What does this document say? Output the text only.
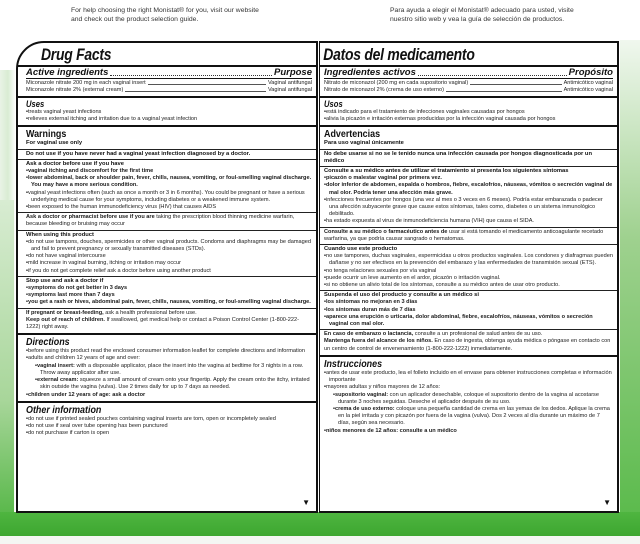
For help choosing the right Monistat® for you, visit our website and check out the product selection guide.
Para ayuda a elegir el Monistat® adecuado para usted, visite nuestro sitio web y vea la guía de selección de productos.
Drug Facts
Active ingredients	Purpose
Miconazole nitrate 200 mg in each vaginal insert	Vaginal antifungal
Miconazole nitrate 2% (external cream)	Vaginal antifungal
Uses
• treats vaginal yeast infections
• relieves external itching and irritation due to a vaginal yeast infection
Warnings
For vaginal use only
Do not use if you have never had a vaginal yeast infection diagnosed by a doctor.
Ask a doctor before use if you have
• vaginal itching and discomfort for the first time
• lower abdominal, back or shoulder pain, fever, chills, nausea, vomiting, or foul-smelling vaginal discharge. You may have a more serious condition.
• vaginal yeast infections often (such as once a month or 3 in 6 months). You could be pregnant or have a serious underlying medical cause for your symptoms, including diabetes or a weakened immune system.
• been exposed to the human immunodeficiency virus (HIV) that causes AIDS
Ask a doctor or pharmacist before use if you are taking the prescription blood thinning medicine warfarin, because bleeding or bruising may occur
When using this product
• do not use tampons, douches, spermicides or other vaginal products. Condoms and diaphragms may be damaged and fail to prevent pregnancy or sexually transmitted diseases (STDs).
• do not have vaginal intercourse
• mild increase in vaginal burning, itching or irritation may occur
• if you do not get complete relief ask a doctor before using another product
Stop use and ask a doctor if
• symptoms do not get better in 3 days
• symptoms last more than 7 days
• you get a rash or hives, abdominal pain, fever, chills, nausea, vomiting, or foul-smelling vaginal discharge.
If pregnant or breast-feeding, ask a health professional before use.
Keep out of reach of children. If swallowed, get medical help or contact a Poison Control Center (1-800-222-1222) right away.
Directions
• before using this product read the enclosed consumer information leaflet for complete directions and information
• adults and children 12 years of age and over:
• vaginal insert: with a disposable applicator, place the insert into the vagina at bedtime for 3 nights in a row. Throw away applicator after use.
• external cream: squeeze a small amount of cream onto your fingertip. Apply the cream onto the itchy, irritated skin outside the vagina (vulva). Use 2 times daily for up to 7 days as needed.
• children under 12 years of age: ask a doctor
Other information
• do not use if printed sealed pouches containing vaginal inserts are torn, open or incompletely sealed
• do not use if seal over tube opening has been punctured
• do not purchase if carton is open
▼
Datos del medicamento
Ingredientes activos	Propósito
Nitrato de miconazol (200 mg en cada supositorio vaginal)	Antimicótico vaginal
Nitrato de miconazol 2% (crema de uso externo)	Antimicótico vaginal
Usos
• está indicado para el tratamiento de infecciones vaginales causadas por hongos
• alivia la picazón e irritación externas producidas por la infección vaginal causada por hongos
Advertencias
Para uso vaginal únicamente
No debe usarse si no se le tenido nunca una infección causada por hongos diagnosticada por un médico
Consulte a su médico antes de utilizar el tratamiento si presenta los siguientes síntomas
• picazón o malestar vaginal por primera vez.
• dolor inferior de abdomen, espalda o hombros, fiebre, escalofríos, náuseas, vómitos o secreción vaginal de mal olor. Podría tener una afección más grave.
• infecciones frecuentes por hongos (una vez al mes o 3 veces en 6 meses). Podría estar embarazada o padecer una afección subyacente grave que cause estos síntomas, tales como, diabetes o un sistema inmunológico debilitado.
• ha estado expuesta al virus de inmunodeficiencia humana (VIH) que causa el SIDA.
Consulte a su médico o farmacéutico antes de usar si está tomando el medicamento anticoagulante recetado warfarina, ya que podría causar sangrado o hematomas.
Cuando use este producto
• no use tampones, duchas vaginales, espermicidas u otros productos vaginales. Los condones y diafragmas pueden dañarse y no ser efectivos en la prevención del embarazo y las enfermedades de transmisión sexual (ETS).
• no tenga relaciones sexuales por vía vaginal
• puede ocurrir un leve aumento en el ardor, picazón o irritación vaginal.
• si no obtiene un alivio total de los síntomas, consulte a su médico antes de usar otro producto.
Suspenda el uso del producto y consulte a un médico si
• los síntomas no mejoran en 3 días
• los síntomas duran más de 7 días
• aparece una erupción o urticaria, dolor abdominal, fiebre, escalofríos, náuseas, vómitos o secreción vaginal con mal olor.
En caso de embarazo o lactancia, consulte a un profesional de salud antes de su uso.
Mantenga fuera del alcance de los niños. En caso de ingesta, obtenga ayuda médica o póngase en contacto con un centro de control de envenenamiento (1-800-222-1222) inmediatamente.
Instrucciones
• antes de usar este producto, lea el folleto incluido en el envase para obtener instrucciones completas e información importante
• mayores adultas y niños mayores de 12 años:
• supositorio vaginal: con un aplicador desechable, coloque el supositorio dentro de la vagina al acostarse durante 3 noches seguidas. Deseche el aplicador después de su uso.
• crema de uso externo: coloque una pequeña cantidad de crema en las yemas de los dedos. Aplique la crema en la piel irritada y con picazón por fuera de la vagina (vulva). Dos 2 veces al día durante un máximo de 7 días, según sea necesario.
• niños menores de 12 años: consulte a un médico
▼
